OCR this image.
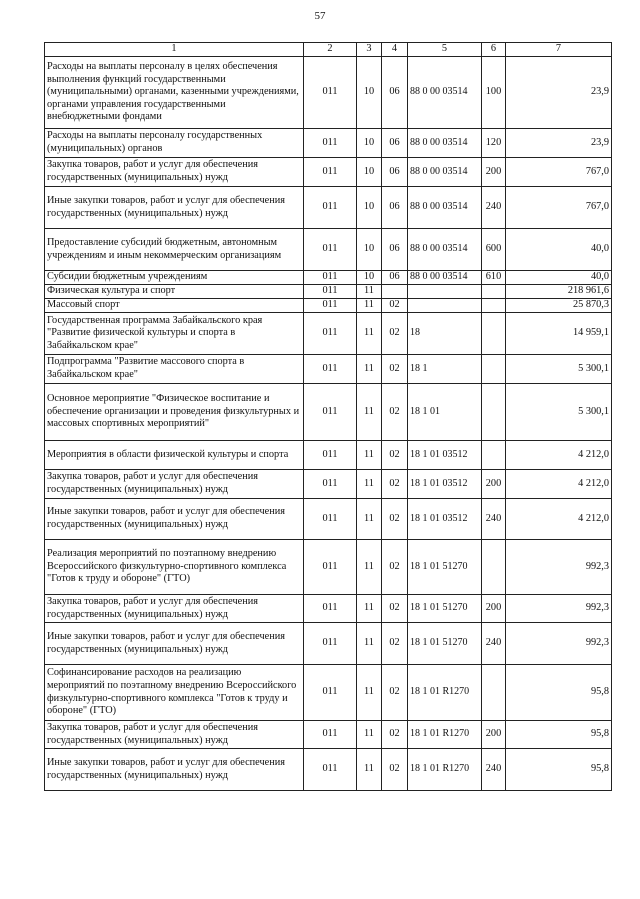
57
1	2	3	4	5	6	7
Расходы на выплаты персоналу в целях обеспечения выполнения функций государственными (муниципальными) органами, казенными учреждениями, органами управления государственными внебюджетными фондами	011	10	06	88 0 00 03514	100	23,9
Расходы на выплаты персоналу государственных (муниципальных) органов	011	10	06	88 0 00 03514	120	23,9
Закупка товаров, работ и услуг для обеспечения государственных (муниципальных) нужд	011	10	06	88 0 00 03514	200	767,0
Иные закупки товаров, работ и услуг для обеспечения государственных (муниципальных) нужд	011	10	06	88 0 00 03514	240	767,0
Предоставление субсидий бюджетным, автономным учреждениям и иным некоммерческим организациям	011	10	06	88 0 00 03514	600	40,0
Субсидии бюджетным учреждениям	011	10	06	88 0 00 03514	610	40,0
Физическая культура и спорт	011	11				218 961,6
Массовый спорт	011	11	02			25 870,3
Государственная программа Забайкальского края "Развитие физической культуры и спорта в Забайкальском крае"	011	11	02	18		14 959,1
Подпрограмма "Развитие массового спорта в Забайкальском крае"	011	11	02	18 1		5 300,1
Основное мероприятие "Физическое воспитание и обеспечение организации и проведения физкультурных и массовых спортивных мероприятий"	011	11	02	18 1 01		5 300,1
Мероприятия в области физической культуры и спорта	011	11	02	18 1 01 03512		4 212,0
Закупка товаров, работ и услуг для обеспечения государственных (муниципальных) нужд	011	11	02	18 1 01 03512	200	4 212,0
Иные закупки товаров, работ и услуг для обеспечения государственных (муниципальных) нужд	011	11	02	18 1 01 03512	240	4 212,0
Реализация мероприятий по поэтапному внедрению Всероссийского физкультурно-спортивного комплекса "Готов к труду и обороне" (ГТО)	011	11	02	18 1 01 51270		992,3
Закупка товаров, работ и услуг для обеспечения государственных (муниципальных) нужд	011	11	02	18 1 01 51270	200	992,3
Иные закупки товаров, работ и услуг для обеспечения государственных (муниципальных) нужд	011	11	02	18 1 01 51270	240	992,3
Софинансирование расходов на реализацию мероприятий по поэтапному внедрению Всероссийского физкультурно-спортивного комплекса "Готов к труду и обороне" (ГТО)	011	11	02	18 1 01 R1270		95,8
Закупка товаров, работ и услуг для обеспечения государственных (муниципальных) нужд	011	11	02	18 1 01 R1270	200	95,8
Иные закупки товаров, работ и услуг для обеспечения государственных (муниципальных) нужд	011	11	02	18 1 01 R1270	240	95,8
